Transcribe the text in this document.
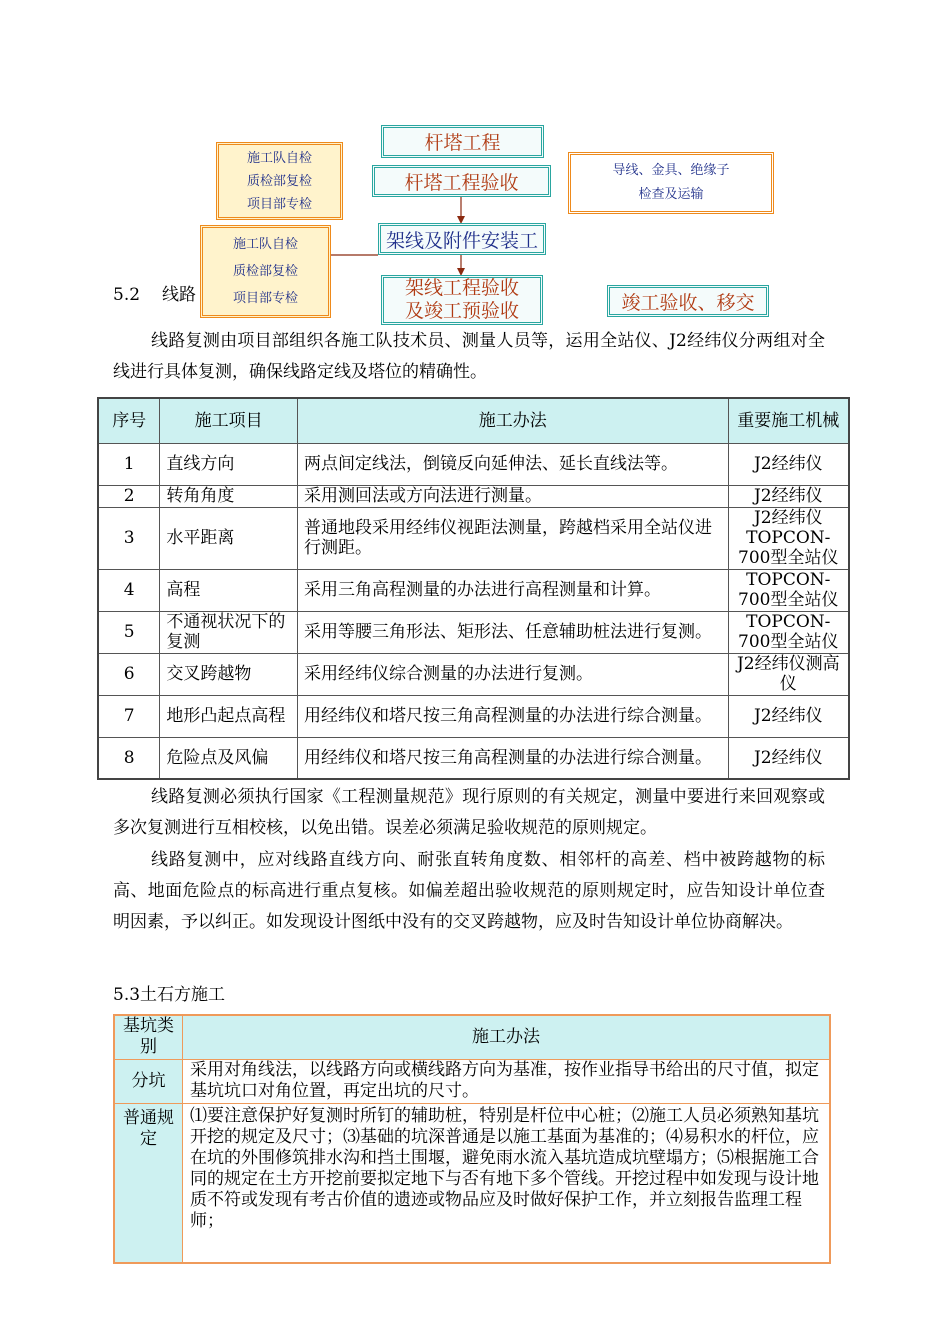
杆塔工程
杆塔工程验收
架线及附件安装工
架线工程验收
及竣工预验收	竣工验收、移交
导线、金具、绝缘子
检查及运输
施工队自检
质检部复检
项目部专检
施工队自检
质检部复检
项目部专检
5.2 线路
线路复测由项目部组织各施工队技术员、测量人员等，运用全站仪、J2经纬仪分两组对全线进行具体复测，确保线路定线及塔位的精确性。
序号	施工项目	施工办法	重要施工机械
1	直线方向	两点间定线法，倒镜反向延伸法、延长直线法等。	J2经纬仪
2	转角角度	采用测回法或方向法进行测量。	J2经纬仪
3	水平距离	普通地段采用经纬仪视距法测量，跨越档采用全站仪进行测距。	J2经纬仪 TOPCON-700型全站仪
4	高程	采用三角高程测量的办法进行高程测量和计算。	TOPCON-700型全站仪
5	不通视状况下的复测	采用等腰三角形法、矩形法、任意辅助桩法进行复测。	TOPCON-700型全站仪
6	交叉跨越物	采用经纬仪综合测量的办法进行复测。	J2经纬仪测高仪
7	地形凸起点高程	用经纬仪和塔尺按三角高程测量的办法进行综合测量。	J2经纬仪
8	危险点及风偏	用经纬仪和塔尺按三角高程测量的办法进行综合测量。	J2经纬仪
线路复测必须执行国家《工程测量规范》现行原则的有关规定，测量中要进行来回观察或多次复测进行互相校核，以免出错。误差必须满足验收规范的原则规定。
线路复测中，应对线路直线方向、耐张直转角度数、相邻杆的高差、档中被跨越物的标高、地面危险点的标高进行重点复核。如偏差超出验收规范的原则规定时，应告知设计单位查明因素，予以纠正。如发现设计图纸中没有的交叉跨越物，应及时告知设计单位协商解决。
5.3土石方施工
基坑类别	施工办法
分坑	采用对角线法，以线路方向或横线路方向为基准，按作业指导书给出的尺寸值，拟定基坑坑口对角位置，再定出坑的尺寸。
普通规定	⑴要注意保护好复测时所钉的辅助桩，特别是杆位中心桩；⑵施工人员必须熟知基坑开挖的规定及尺寸；⑶基础的坑深普通是以施工基面为基准的；⑷易积水的杆位，应在坑的外围修筑排水沟和挡土围堰，避免雨水流入基坑造成坑壁塌方；⑸根据施工合同的规定在土方开挖前要拟定地下与否有地下多个管线。开挖过程中如发现与设计地质不符或发现有考古价值的遗迹或物品应及时做好保护工作，并立刻报告监理工程师；
